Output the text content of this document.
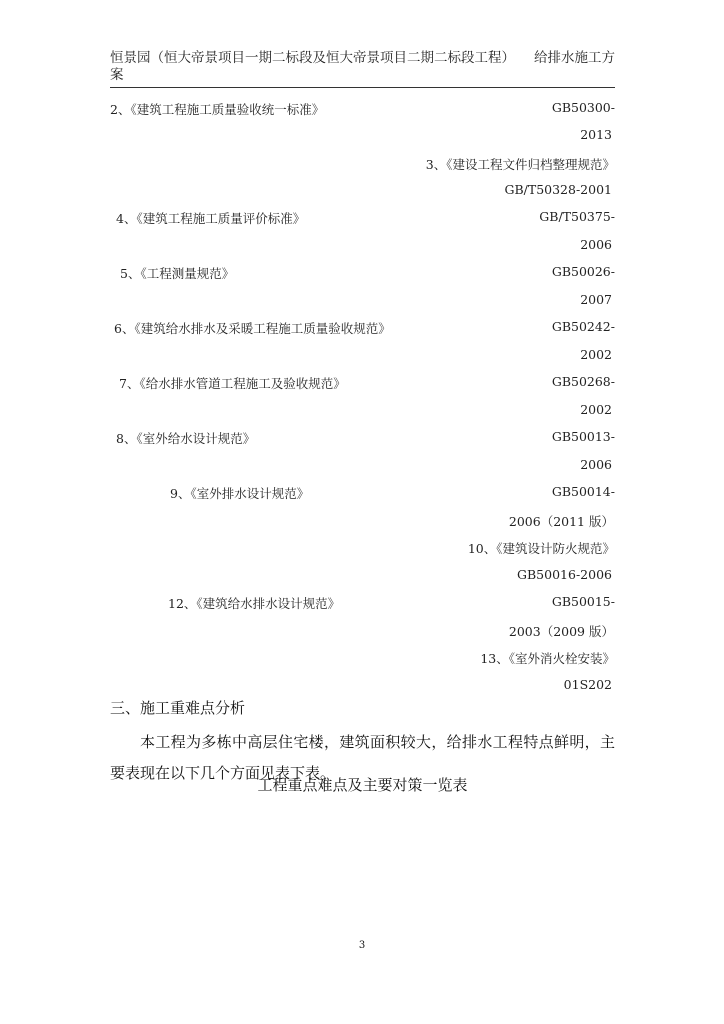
恒景园（恒大帝景项目一期二标段及恒大帝景项目二期二标段工程）案
给排水施工方
2、《建筑工程施工质量验收统一标准》	GB50300-
2013
3、《建设工程文件归档整理规范》
GB/T50328-2001
4、《建筑工程施工质量评价标准》	GB/T50375-
2006
5、《工程测量规范》	GB50026-
2007
6、《建筑给水排水及采暖工程施工质量验收规范》	GB50242-
2002
7、《给水排水管道工程施工及验收规范》	GB50268-
2002
8、《室外给水设计规范》	GB50013-
2006
9、《室外排水设计规范》	GB50014-
2006（2011 版）
10、《建筑设计防火规范》
GB50016-2006
12、《建筑给水排水设计规范》	GB50015-
2003（2009 版）
13、《室外消火栓安装》
01S202
三、施工重难点分析
本工程为多栋中高层住宅楼，建筑面积较大，给排水工程特点鲜明，主要表现在以下几个方面见表下表。
工程重点难点及主要对策一览表
3
